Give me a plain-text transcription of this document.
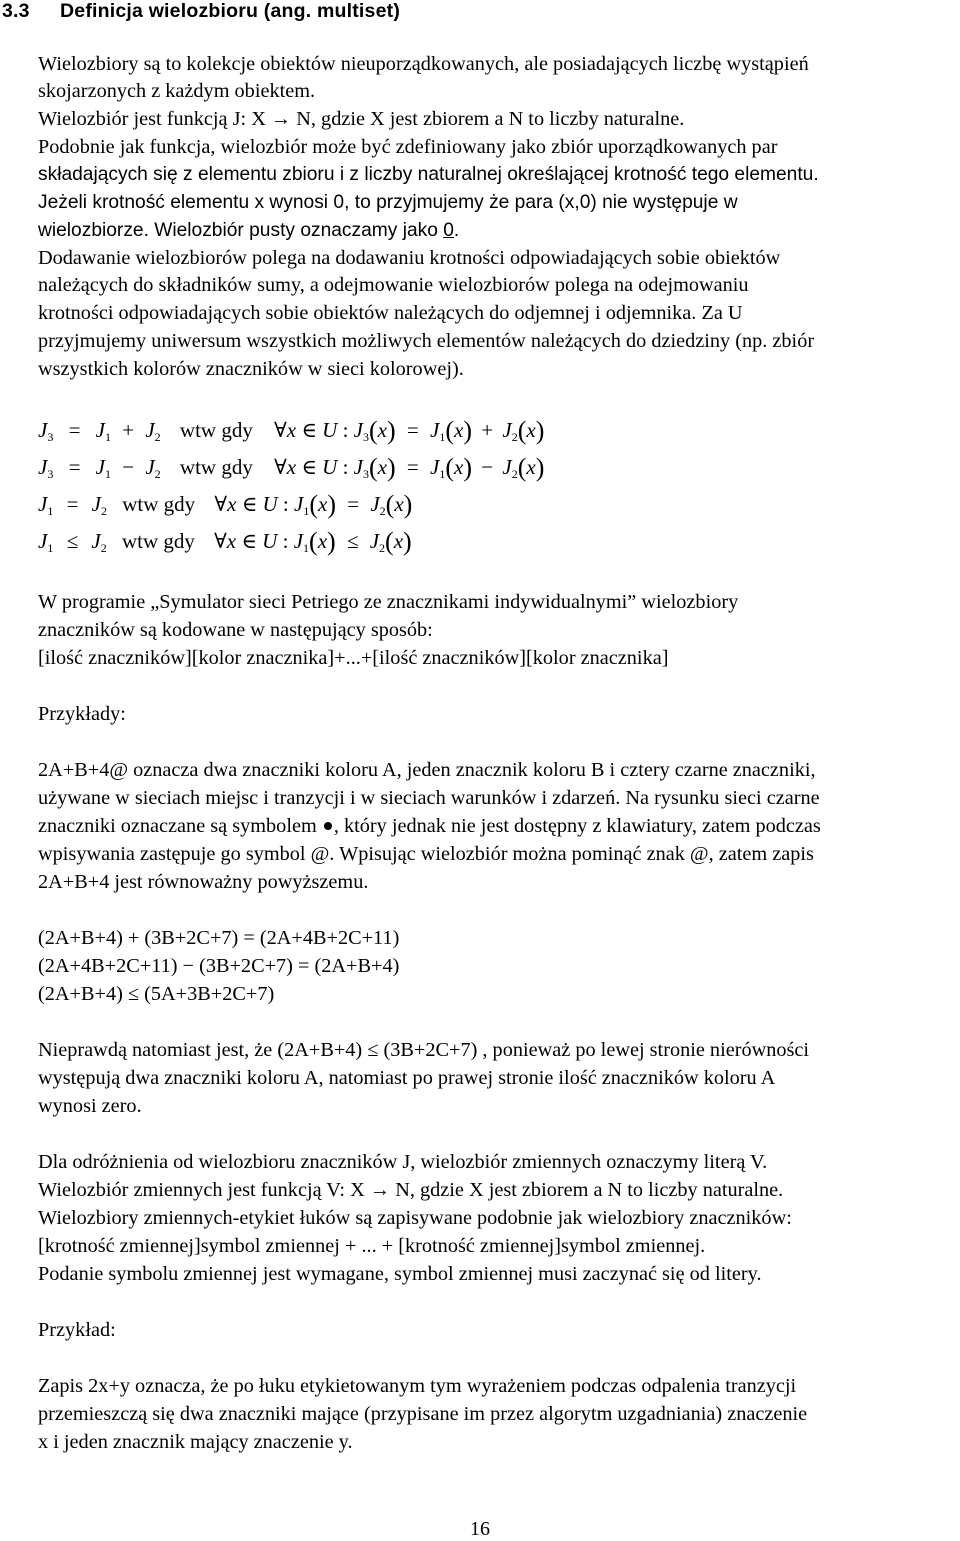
3.3 Definicja wielozbioru (ang. multiset)
Wielozbiory są to kolekcje obiektów nieuporządkowanych, ale posiadających liczbę wystąpień
skojarzonych z każdym obiektem.
Wielozbiór jest funkcją J: X → N, gdzie X jest zbiorem a N to liczby naturalne.
Podobnie jak funkcja, wielozbiór może być zdefiniowany jako zbiór uporządkowanych par
składających się z elementu zbioru i z liczby naturalnej określającej krotność tego elementu.
Jeżeli krotność elementu x wynosi 0, to przyjmujemy że para (x,0) nie występuje w
wielozbiorze. Wielozbiór pusty oznaczamy jako 0.
Dodawanie wielozbiorów polega na dodawaniu krotności odpowiadających sobie obiektów
należących do składników sumy, a odejmowanie wielozbiorów polega na odejmowaniu
krotności odpowiadających sobie obiektów należących do odjemnej i odjemnika. Za U
przyjmujemy uniwersum wszystkich możliwych elementów należących do dziedziny (np. zbiór
wszystkich kolorów znaczników w sieci kolorowej).
$J_3 = J_1 + J_2$ wtw gdy ∀x ∈ U : $J_3(x) = J_1(x) + J_2(x)$
$J_3 = J_1 - J_2$ wtw gdy ∀x ∈ U : $J_3(x) = J_1(x) - J_2(x)$
$J_1 = J_2$ wtw gdy ∀x ∈ U : $J_1(x) = J_2(x)$
$J_1 \le J_2$ wtw gdy ∀x ∈ U : $J_1(x) \le J_2(x)$
W programie „Symulator sieci Petriego ze znacznikami indywidualnymi” wielozbiory
znaczników są kodowane w następujący sposób:
[ilość znaczników][kolor znacznika]+...+[ilość znaczników][kolor znacznika]
Przykłady:
2A+B+4@ oznacza dwa znaczniki koloru A, jeden znacznik koloru B i cztery czarne znaczniki,
używane w sieciach miejsc i tranzycji i w sieciach warunków i zdarzeń. Na rysunku sieci czarne
znaczniki oznaczane są symbolem , który jednak nie jest dostępny z klawiatury, zatem podczas
wpisywania zastępuje go symbol @. Wpisując wielozbiór można pominąć znak @, zatem zapis
2A+B+4 jest równoważny powyższemu.
(2A+B+4) + (3B+2C+7) = (2A+4B+2C+11)
(2A+4B+2C+11) − (3B+2C+7) = (2A+B+4)
(2A+B+4) ≤ (5A+3B+2C+7)
Nieprawdą natomiast jest, że (2A+B+4) ≤ (3B+2C+7) , ponieważ po lewej stronie nierówności
występują dwa znaczniki koloru A, natomiast po prawej stronie ilość znaczników koloru A
wynosi zero.
Dla odróżnienia od wielozbioru znaczników J, wielozbiór zmiennych oznaczymy literą V.
Wielozbiór zmiennych jest funkcją V: X → N, gdzie X jest zbiorem a N to liczby naturalne.
Wielozbiory zmiennych-etykiet łuków są zapisywane podobnie jak wielozbiory znaczników:
[krotność zmiennej]symbol zmiennej + ... + [krotność zmiennej]symbol zmiennej.
Podanie symbolu zmiennej jest wymagane, symbol zmiennej musi zaczynać się od litery.
Przykład:
Zapis 2x+y oznacza, że po łuku etykietowanym tym wyrażeniem podczas odpalenia tranzycji
przemieszczą się dwa znaczniki mające (przypisane im przez algorytm uzgadniania) znaczenie
x i jeden znacznik mający znaczenie y.
16
